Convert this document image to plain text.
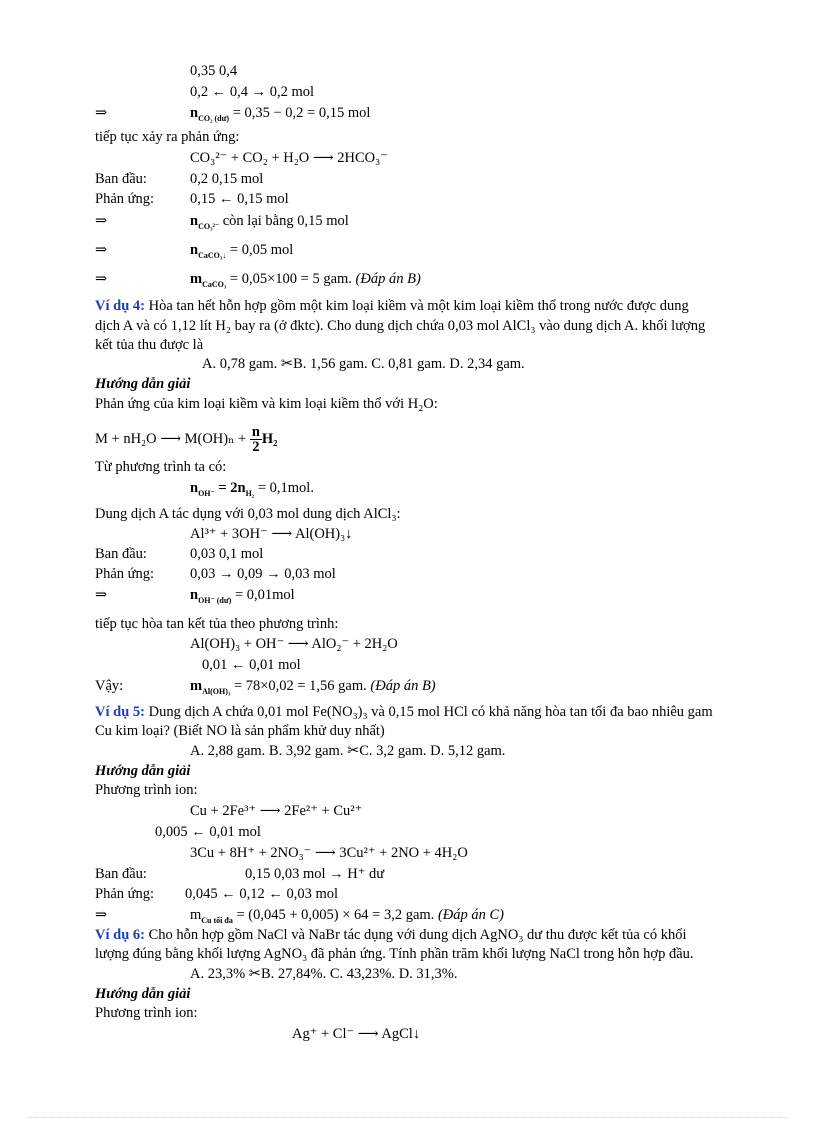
0,35 0,4
0,2 ← 0,4 → 0,2 mol
⇒	$n_{CO_2 (dư)} = 0,35 - 0,2 = 0,15$ mol
tiếp tục xảy ra phản ứng:
CO₃²⁻ + CO₂ + H₂O ⟶ 2HCO₃⁻
Ban đầu:	0,2 0,15 mol
Phản ứng: 0,15 ← 0,15 mol
⇒	$n_{CO_3^{2-}}$ còn lại bằng 0,15 mol
⇒	$n_{CaCO_3↓} = 0,05$ mol
⇒	$m_{CaCO_3} = 0,05\times 100 = 5$ gam. (Đáp án B)
Ví dụ 4: Hòa tan hết hỗn hợp gồm một kim loại kiềm và một kim loại kiềm thổ trong nước được dung
dịch A và có 1,12 lít H₂ bay ra (ở đktc). Cho dung dịch chứa 0,03 mol AlCl₃ vào dung dịch A. khối lượng
kết tủa thu được là
A. 0,78 gam. ✂B. 1,56 gam. C. 0,81 gam. D. 2,34 gam.
Hướng dẫn giải
Phản ứng của kim loại kiềm và kim loại kiềm thổ với H₂O:
M + nH₂O ⟶ $M(OH)_n + \frac{n}{2} H_2$
Từ phương trình ta có:
$n_{OH^-} = 2n_{H_2} = 0,1mol$.
Dung dịch A tác dụng với 0,03 mol dung dịch AlCl₃:
Al³⁺ + 3OH⁻ ⟶ Al(OH)₃↓
Ban đầu:	0,03 0,1 mol
Phản ứng: 0,03 → 0,09 → 0,03 mol
⇒	$n_{OH^- (dư)} = 0,01mol$
tiếp tục hòa tan kết tủa theo phương trình:
Al(OH)₃ + OH⁻ ⟶ AlO₂⁻ + 2H₂O
0,01 ← 0,01 mol
Vậy:	$m_{Al(OH)_3} = 78\times 0,02 = 1,56$ gam. (Đáp án B)
Ví dụ 5: Dung dịch A chứa 0,01 mol Fe(NO₃)₃ và 0,15 mol HCl có khả năng hòa tan tối đa bao nhiêu gam
Cu kim loại? (Biết NO là sản phẩm khử duy nhất)
A. 2,88 gam. B. 3,92 gam. ✂C. 3,2 gam. D. 5,12 gam.
Hướng dẫn giải
Phương trình ion:
Cu + 2Fe³⁺ ⟶ 2Fe²⁺ + Cu²⁺
0,005 ← 0,01 mol
3Cu + 8H⁺ + 2NO₃⁻ ⟶ 3Cu²⁺ + 2NO + 4H₂O
Ban đầu:	0,15 0,03 mol → H⁺ dư
Phản ứng: 0,045 ← 0,12 ← 0,03 mol
⇒	$m_{Cu tối đa} = (0,045 + 0,005) \times 64 = 3,2$ gam. (Đáp án C)
Ví dụ 6: Cho hỗn hợp gồm NaCl và NaBr tác dụng với dung dịch AgNO₃ dư thu được kết tủa có khối
lượng đúng bằng khối lượng AgNO₃ đã phản ứng. Tính phần trăm khối lượng NaCl trong hỗn hợp đầu.
A. 23,3% ✂B. 27,84%. C. 43,23%. D. 31,3%.
Hướng dẫn giải
Phương trình ion:
Ag⁺ + Cl⁻ ⟶ AgCl↓
